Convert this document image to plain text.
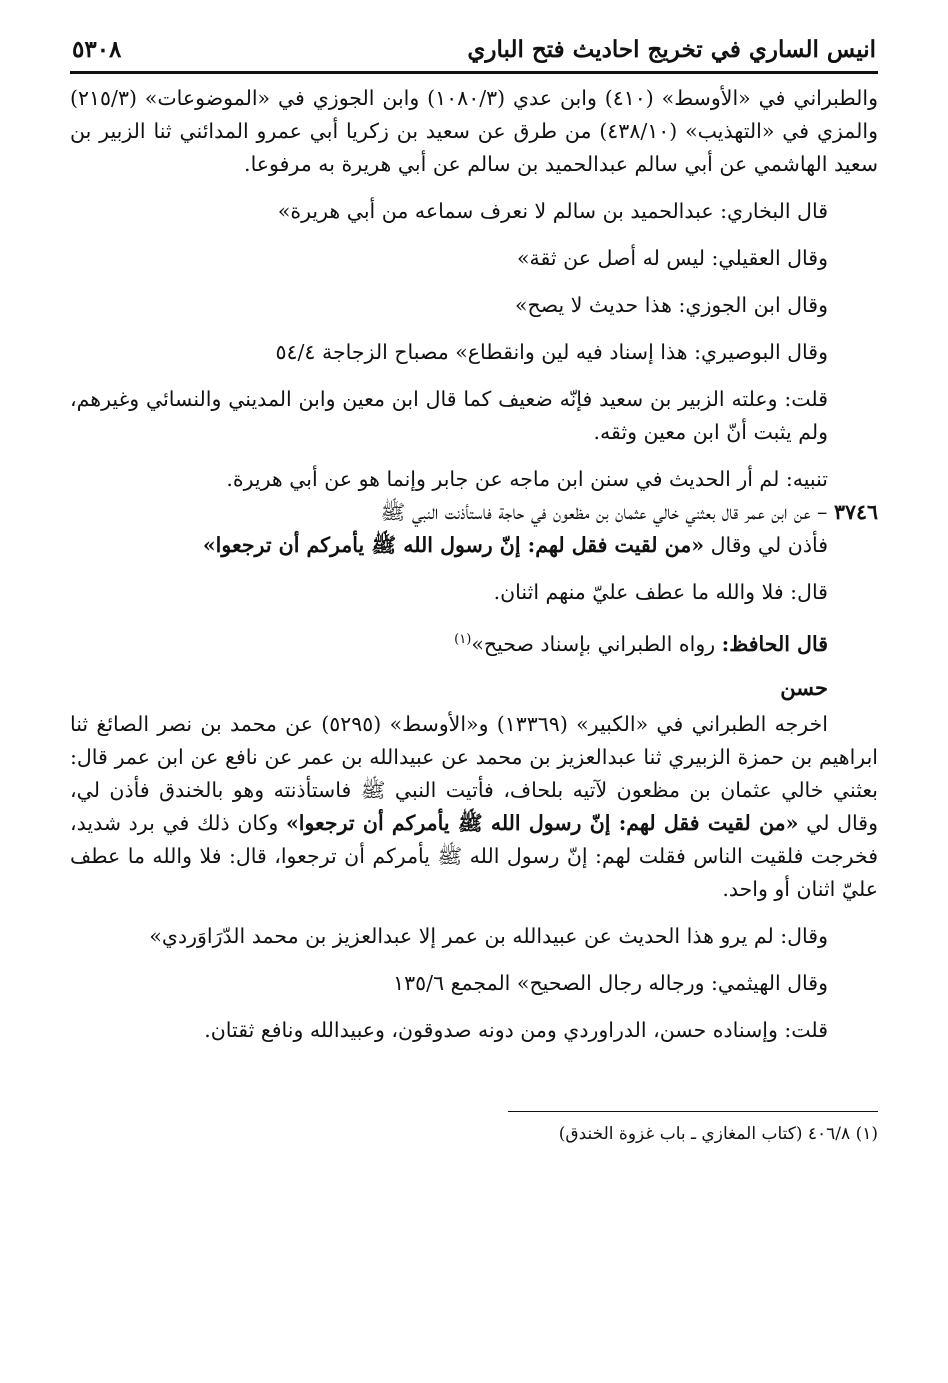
انيس الساري في تخريج احاديث فتح الباري
٥٣٠٨

والطبراني في «الأوسط» (٤١٠) وابن عدي (١٠٨٠/٣) وابن الجوزي في «الموضوعات» (٢١٥/٣) والمزي في «التهذيب» (٤٣٨/١٠) من طرق عن سعيد بن زكريا أبي عمرو المدائني ثنا الزبير بن سعيد الهاشمي عن أبي سالم عبدالحميد بن سالم عن أبي هريرة به مرفوعا.

قال البخاري: عبدالحميد بن سالم لا نعرف سماعه من أبي هريرة»

وقال العقيلي: ليس له أصل عن ثقة»

وقال ابن الجوزي: هذا حديث لا يصح»

وقال البوصيري: هذا إسناد فيه لين وانقطاع» مصباح الزجاجة ٥٤/٤

قلت: وعلته الزبير بن سعيد فإنّه ضعيف كما قال ابن معين وابن المديني والنسائي وغيرهم، ولم يثبت أنّ ابن معين وثقه.

تنبيه: لم أر الحديث في سنن ابن ماجه عن جابر وإنما هو عن أبي هريرة.

٣٧٤٦ – عن ابن عمر قال بعثني خالي عثمان بن مظعون في حاجة فاستأذنت النبي ﷺ
فأذن لي وقال «من لقيت فقل لهم: إنّ رسول الله ﷺ يأمركم أن ترجعوا»

قال: فلا والله ما عطف عليّ منهم اثنان.

قال الحافظ: رواه الطبراني بإسناد صحيح»$^{(١)}$

حسن

اخرجه الطبراني في «الكبير» (١٣٣٦٩) و«الأوسط» (٥٢٩٥) عن محمد بن نصر الصائغ ثنا ابراهيم بن حمزة الزبيري ثنا عبدالعزيز بن محمد عن عبيدالله بن عمر عن نافع عن ابن عمر قال: بعثني خالي عثمان بن مظعون لآتيه بلحاف، فأتيت النبي ﷺ فاستأذنته وهو بالخندق فأذن لي، وقال لي «من لقيت فقل لهم: إنّ رسول الله ﷺ يأمركم أن ترجعوا» وكان ذلك في برد شديد، فخرجت فلقيت الناس فقلت لهم: إنّ رسول الله ﷺ يأمركم أن ترجعوا، قال: فلا والله ما عطف عليّ اثنان أو واحد.

وقال: لم يرو هذا الحديث عن عبيدالله بن عمر إلا عبدالعزيز بن محمد الدّرَاوَردي»

وقال الهيثمي: ورجاله رجال الصحيح» المجمع ١٣٥/٦

قلت: وإسناده حسن، الدراوردي ومن دونه صدوقون، وعبيدالله ونافع ثقتان.

(١) ٤٠٦/٨ (كتاب المغازي ـ باب غزوة الخندق)
